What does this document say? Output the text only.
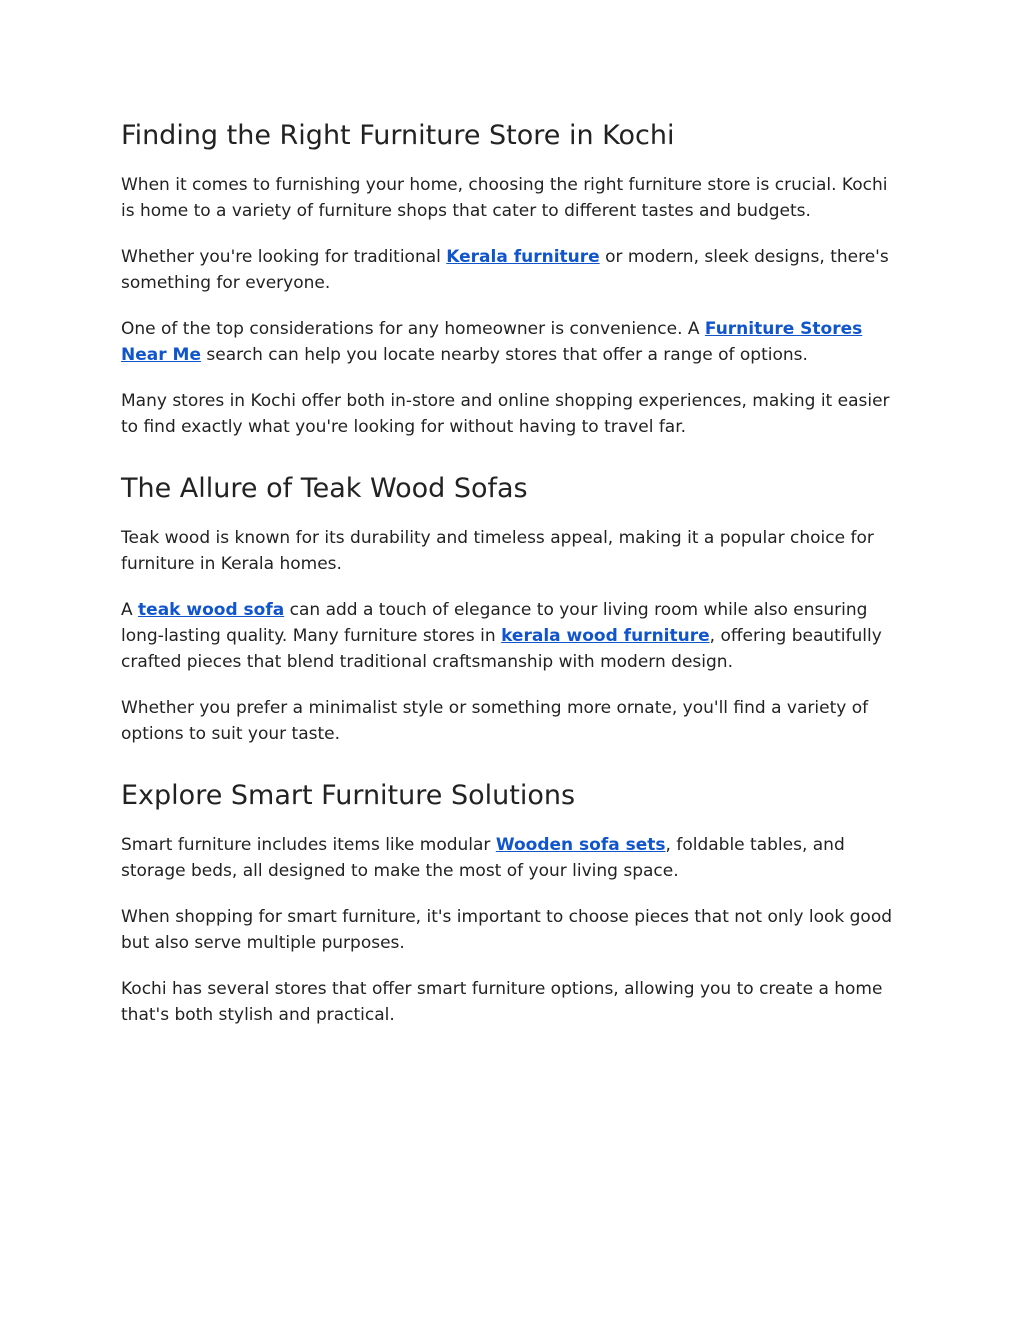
Finding the Right Furniture Store in Kochi

When it comes to furnishing your home, choosing the right furniture store is crucial. Kochi is home to a variety of furniture shops that cater to different tastes and budgets.

Whether you're looking for traditional Kerala furniture or modern, sleek designs, there's something for everyone.

One of the top considerations for any homeowner is convenience. A Furniture Stores Near Me search can help you locate nearby stores that offer a range of options.

Many stores in Kochi offer both in-store and online shopping experiences, making it easier to find exactly what you're looking for without having to travel far.

The Allure of Teak Wood Sofas

Teak wood is known for its durability and timeless appeal, making it a popular choice for furniture in Kerala homes.

A teak wood sofa can add a touch of elegance to your living room while also ensuring long-lasting quality. Many furniture stores in kerala wood furniture, offering beautifully crafted pieces that blend traditional craftsmanship with modern design.

Whether you prefer a minimalist style or something more ornate, you'll find a variety of options to suit your taste.

Explore Smart Furniture Solutions

Smart furniture includes items like modular Wooden sofa sets, foldable tables, and storage beds, all designed to make the most of your living space.

When shopping for smart furniture, it's important to choose pieces that not only look good but also serve multiple purposes.

Kochi has several stores that offer smart furniture options, allowing you to create a home that's both stylish and practical.
